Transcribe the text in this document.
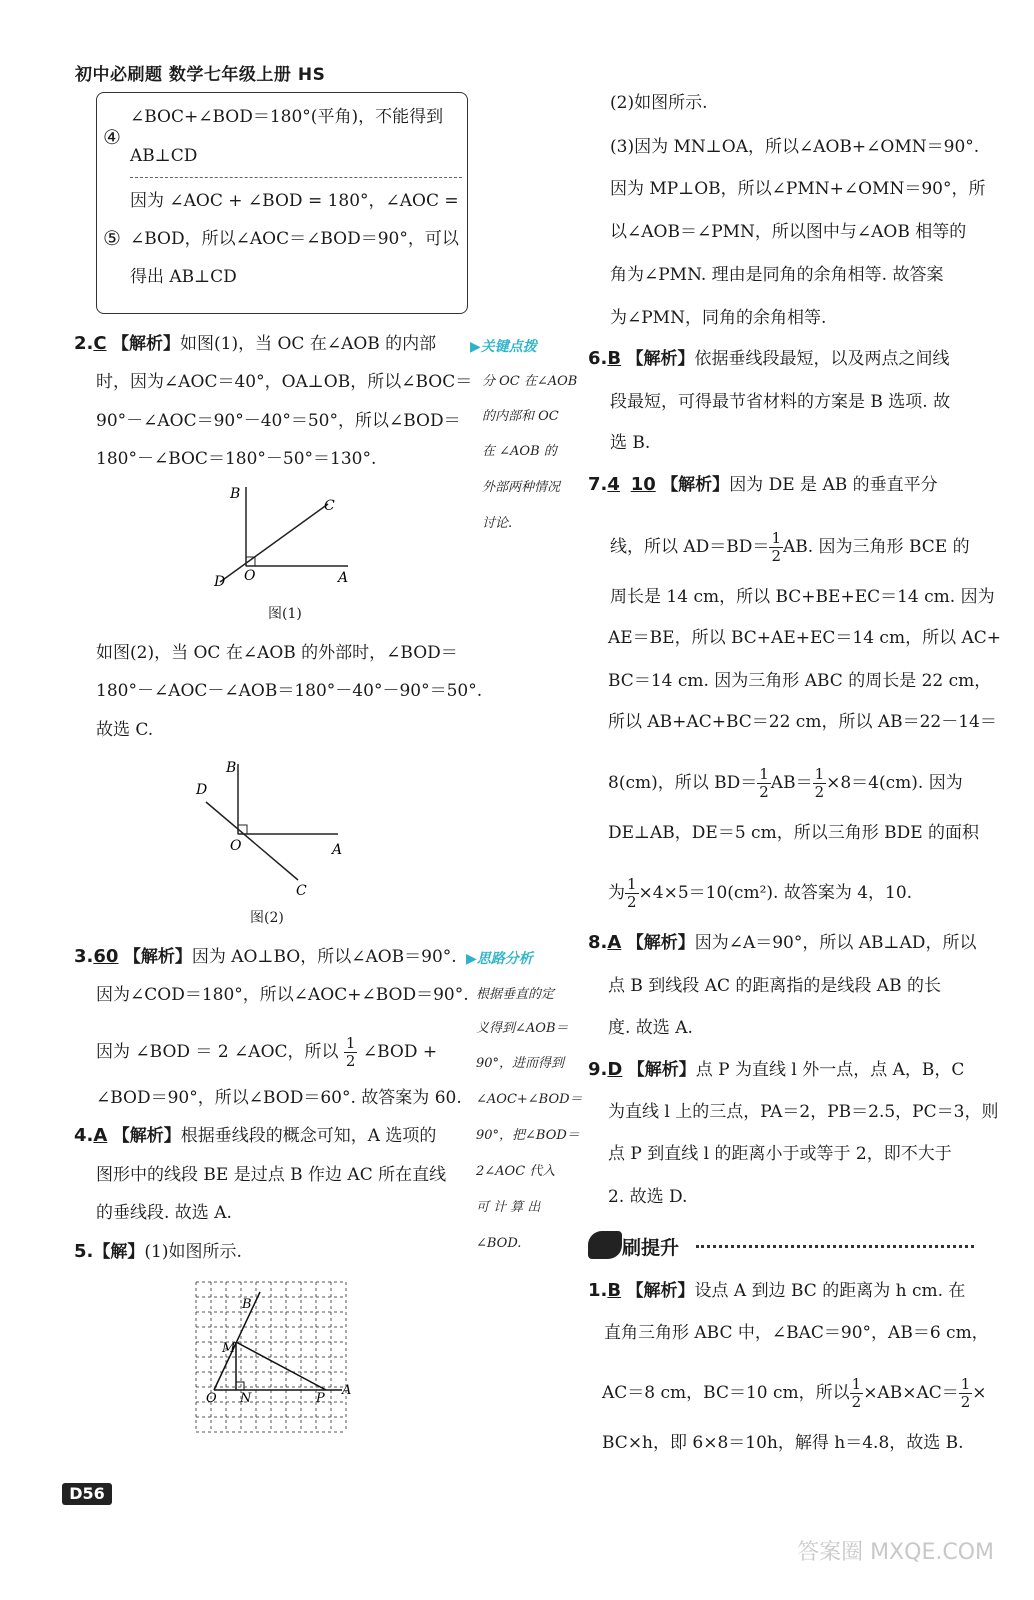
初中必刷题 数学七年级上册 HS
④
∠BOC+∠BOD＝180°(平角)，不能得到
AB⊥CD
⑤
因为 ∠AOC + ∠BOD = 180°，∠AOC =
∠BOD，所以∠AOC＝∠BOD＝90°，可以
得出 AB⊥CD
2.C 【解析】如图(1)，当 OC 在∠AOB 的内部 ▶关键点拨
时，因为∠AOC＝40°，OA⊥OB，所以∠BOC＝
90°－∠AOC＝90°－40°＝50°，所以∠BOD＝
180°－∠BOC＝180°－50°＝130°.
分 OC 在∠AOB
的内部和 OC
在 ∠AOB 的
外部两种情况
讨论.
B
C
O	A
D
图(1)
如图(2)，当 OC 在∠AOB 的外部时，∠BOD＝
180°－∠AOC－∠AOB＝180°－40°－90°＝50°.
故选 C.
B
D
O	A
C
图(2)
3.60 【解析】因为 AO⊥BO，所以∠AOB＝90°. ▶思路分析
因为∠COD＝180°，所以∠AOC+∠BOD＝90°.
因为 ∠BOD ＝ 2 ∠AOC，所以 $\frac{1}{2}$ ∠BOD +
∠BOD＝90°，所以∠BOD＝60°. 故答案为 60.
根据垂直的定
义得到∠AOB＝
90°，进而得到
∠AOC+∠BOD＝
90°，把∠BOD＝
2∠AOC 代入
可 计 算 出
∠BOD.
4.A 【解析】根据垂线段的概念可知，A 选项的
图形中的线段 BE 是过点 B 作边 AC 所在直线
的垂线段. 故选 A.
5.【解】(1)如图所示.
B
M
O N	P
A
(2)如图所示.
(3)因为 MN⊥OA，所以∠AOB+∠OMN＝90°.
因为 MP⊥OB，所以∠PMN+∠OMN＝90°，所
以∠AOB＝∠PMN，所以图中与∠AOB 相等的
角为∠PMN. 理由是同角的余角相等. 故答案
为∠PMN，同角的余角相等.
6.B 【解析】依据垂线段最短，以及两点之间线
段最短，可得最节省材料的方案是 B 选项. 故
选 B.
7.4 10 【解析】因为 DE 是 AB 的垂直平分
线，所以 $AD=BD= \frac{1}{2}$ AB. 因为三角形 BCE 的
周长是 14 cm，所以 BC+BE+EC＝14 cm. 因为
AE＝BE，所以 BC+AE+EC＝14 cm，所以 AC+
BC＝14 cm. 因为三角形 ABC 的周长是 22 cm，
所以 AB+AC+BC＝22 cm，所以 AB＝22－14＝
8(cm)，所以 $BD= \frac{1}{2} AB= \frac{1}{2} \times 8=4(cm)$. 因为
DE⊥AB，DE＝5 cm，所以三角形 BDE 的面积
为 $\frac{1}{2} \times 4\times 5=10(cm^2)$. 故答案为 4，10.
8.A 【解析】因为∠A＝90°，所以 AB⊥AD，所以
点 B 到线段 AC 的距离指的是线段 AB 的长
度. 故选 A.
9.D 【解析】点 P 为直线 l 外一点，点 A，B，C
为直线 l 上的三点，PA＝2，PB＝2.5，PC＝3，则
点 P 到直线 l 的距离小于或等于 2，即不大于
2. 故选 D.
刷提升
1.B 【解析】设点 A 到边 BC 的距离为 h cm. 在
直角三角形 ABC 中，∠BAC＝90°，AB＝6 cm，
AC＝8 cm，BC＝10 cm，所以 $\frac{1}{2} \times AB\times AC= \frac{1}{2}$ ×
BC×h，即 6×8＝10h，解得 h＝4.8，故选 B.
D56
答案圈 MXQE.COM
